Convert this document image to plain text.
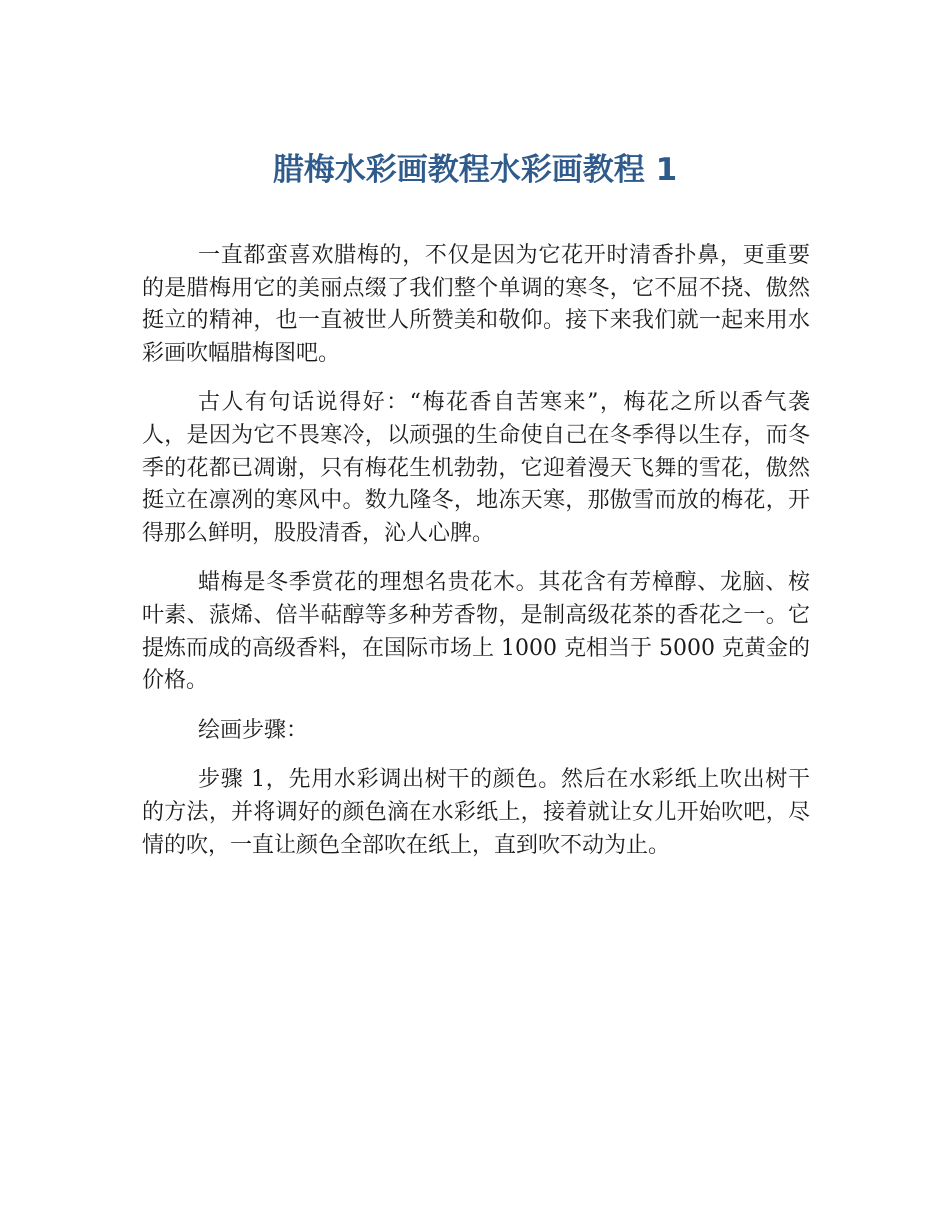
腊梅水彩画教程水彩画教程 1

一直都蛮喜欢腊梅的，不仅是因为它花开时清香扑鼻，更重要的是腊梅用它的美丽点缀了我们整个单调的寒冬，它不屈不挠、傲然挺立的精神，也一直被世人所赞美和敬仰。接下来我们就一起来用水彩画吹幅腊梅图吧。

古人有句话说得好：“梅花香自苦寒来”，梅花之所以香气袭人，是因为它不畏寒冷，以顽强的生命使自己在冬季得以生存，而冬季的花都已凋谢，只有梅花生机勃勃，它迎着漫天飞舞的雪花，傲然挺立在凛冽的寒风中。数九隆冬，地冻天寒，那傲雪而放的梅花，开得那么鲜明，股股清香，沁人心脾。

蜡梅是冬季赏花的理想名贵花木。其花含有芳樟醇、龙脑、桉叶素、蒎烯、倍半萜醇等多种芳香物，是制高级花茶的香花之一。它提炼而成的高级香料，在国际市场上 1000 克相当于 5000 克黄金的价格。

绘画步骤：

步骤 1，先用水彩调出树干的颜色。然后在水彩纸上吹出树干的方法，并将调好的颜色滴在水彩纸上，接着就让女儿开始吹吧，尽情的吹，一直让颜色全部吹在纸上，直到吹不动为止。
